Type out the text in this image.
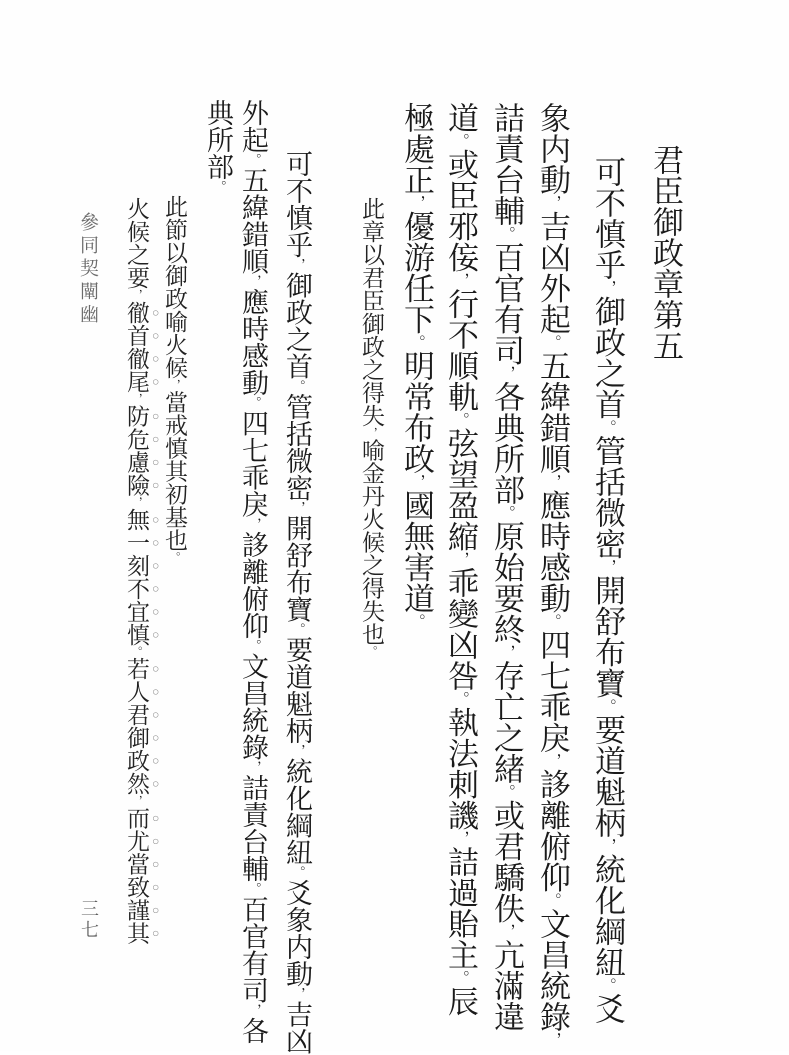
君臣御政章第五
可不慎乎，御政之首。管括微密，開舒布寶。要道魁柄，統化綱紐。爻
象内動，吉凶外起。五緯錯順，應時感動。四七乖戾，誃離俯仰。文昌統錄，
詰責台輔。百官有司，各典所部。原始要終，存亡之緒。或君驕佚，亢滿違
道。或臣邪侫，行不順軌。弦望盈縮，乖變凶咎。執法刺譏，詰過貽主。辰
極處正，優游任下。明常布政，國無害道。
此章以君臣御政之得失，喻金丹火候之得失也。
可不慎乎，御政之首。管括微密，開舒布寶。要道魁柄，統化綱紐。爻象内動，吉凶
外起。五緯錯順，應時感動。四七乖戾，誃離俯仰。文昌統錄，詰責台輔。百官有司，各
典所部。
此節以御政喻火候，當戒慎其初基也。
火候之要，徹首徹尾，防危慮險，無一刻不宜慎。若人君御政然，而尤當致謹其
參同契闡幽
三七
